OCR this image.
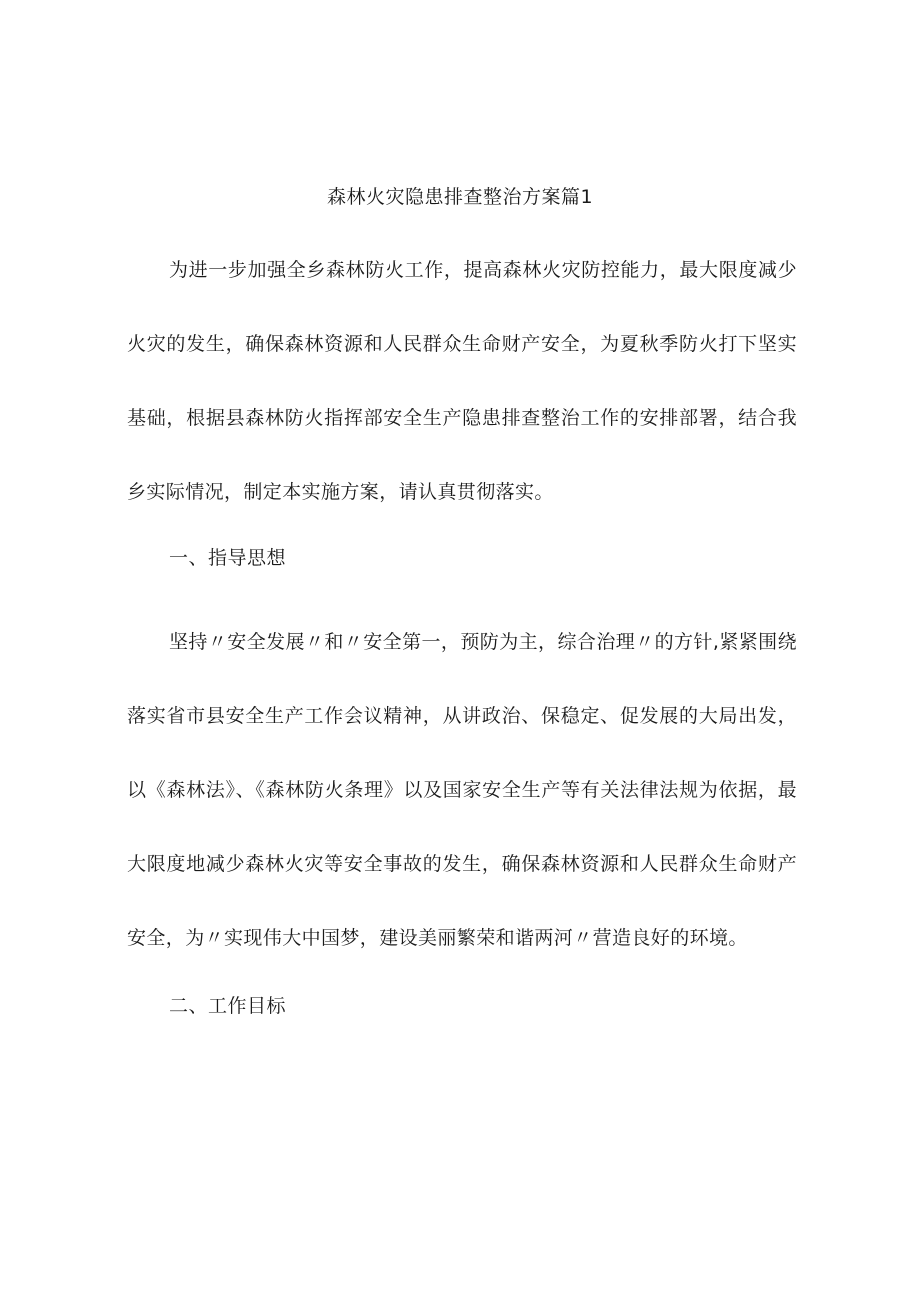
森林火灾隐患排查整治方案篇1
为进一步加强全乡森林防火工作，提高森林火灾防控能力，最大限度减少火灾的发生，确保森林资源和人民群众生命财产安全，为夏秋季防火打下坚实基础，根据县森林防火指挥部安全生产隐患排查整治工作的安排部署，结合我乡实际情况，制定本实施方案，请认真贯彻落实。
一、指导思想
坚持〃安全发展〃和〃安全第一，预防为主，综合治理〃的方针,紧紧围绕落实省市县安全生产工作会议精神，从讲政治、保稳定、促发展的大局出发，以《森林法》、《森林防火条理》以及国家安全生产等有关法律法规为依据，最大限度地减少森林火灾等安全事故的发生，确保森林资源和人民群众生命财产安全，为〃实现伟大中国梦，建设美丽繁荣和谐两河〃营造良好的环境。
二、工作目标
